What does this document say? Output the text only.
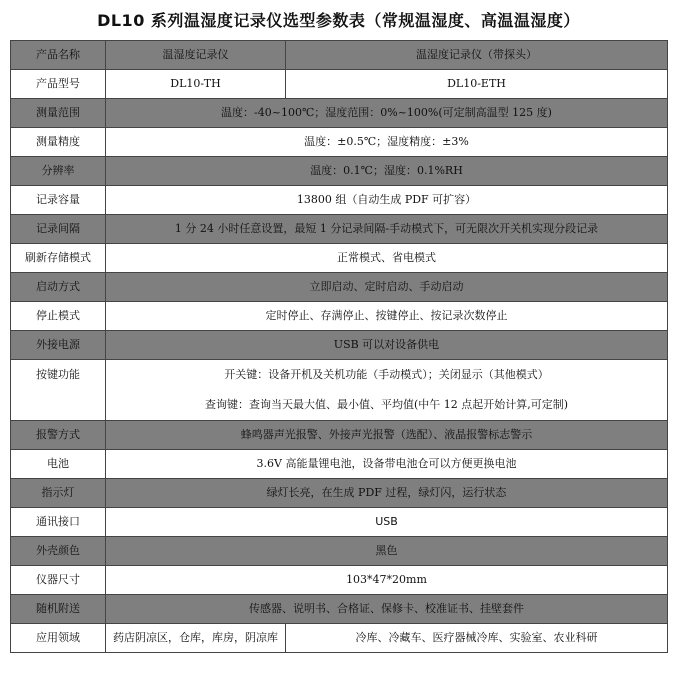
DL10 系列温湿度记录仪选型参数表（常规温湿度、高温温湿度）
产品名称	温湿度记录仪	温湿度记录仪（带探头）
产品型号	DL10-TH	DL10-ETH
测量范围	温度：-40~100℃；湿度范围：0%~100%(可定制高温型 125 度)	
测量精度	温度：±0.5℃；湿度精度：±3%	
分辨率	温度：0.1℃；湿度：0.1%RH	
记录容量	13800 组（自动生成 PDF 可扩容）	
记录间隔	1 分 24 小时任意设置，最短 1 分记录间隔-手动模式下，可无限次开关机实现分段记录	
刷新存储模式	正常模式、省电模式	
启动方式	立即启动、定时启动、手动启动	
停止模式	定时停止、存满停止、按键停止、按记录次数停止	
外接电源	USB 可以对设备供电	
按键功能	开关键：设备开机及关机功能（手动模式）；关闭显示（其他模式）
查询键：查询当天最大值、最小值、平均值(中午 12 点起开始计算,可定制)	

报警方式	蜂鸣器声光报警、外接声光报警（选配）、液晶报警标志警示	
电池	3.6V 高能量锂电池，设备带电池仓可以方便更换电池	
指示灯	绿灯长亮，在生成 PDF 过程，绿灯闪，运行状态	
通讯接口	USB	
外壳颜色	黑色	
仪器尺寸	103*47*20mm	
随机附送	传感器、说明书、合格证、保修卡、校准证书、挂壁套件	
应用领域	药店阴凉区，仓库，库房，阴凉库	冷库、冷藏车、医疗器械冷库、实验室、农业科研
